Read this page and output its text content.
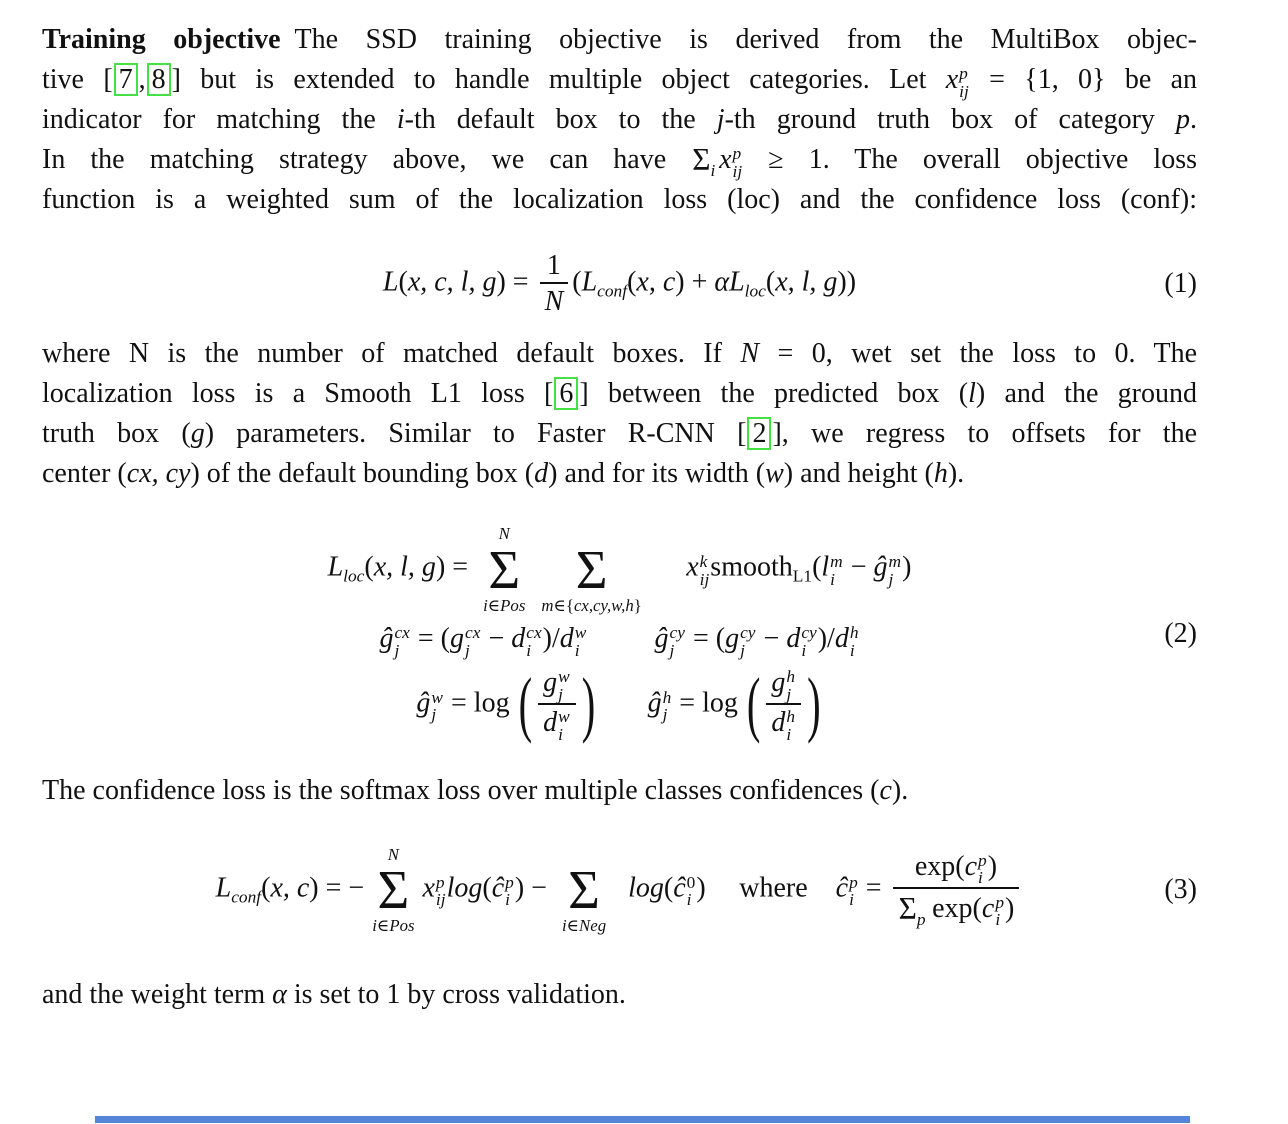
Training objective The SSD training objective is derived from the MultiBox objec-
tive [ 7 , 8 ] but is extended to handle multiple object categories. Let x p
ij = {1, 0} be an
indicator for matching the i-th default box to the j-th ground truth box of category p.
In the matching strategy above, we can have $\Sigma_i$ x p
ij ≥ 1. The overall objective loss
function is a weighted sum of the localization loss (loc) and the confidence loss (conf):
L(x, c, l, $g) = \frac{1}{N} (L_{conf}(x$, $c) + \alpha L_{loc}(x$, l, g))	(1)
where N is the number of matched default boxes. If N = 0, wet set the loss to 0. The
localization loss is a Smooth L1 loss [ 6 ] between the predicted box (l) and the ground
truth box (g) parameters. Similar to Faster R-CNN [ 2 ], we regress to offsets for the
center (cx, cy) of the default bounding box (d) and for its width (w) and height (h).
$L_{loc}(x$, l, g) =
N
Σ
i∈Pos

Σ
m∈{cx,cy,w,h}
x k
ij smooth$_{L1}$(l m
i − ĝ m
j )
ĝ cx
j = (g cx
j − d cx
i )/d w
i	ĝ cy
j = (g cy
j − d cy
i )/d h
i
ĝ w
j = log ( g w
j
d w
i ) ĝ h
j = log ( g h
j
d h
i )
(2)
The confidence loss is the softmax loss over multiple classes confidences (c).
$L_{conf}(x$, c) = −
N
Σ
i∈Pos
x p
ij log(ĉ p
i ) −
Σ
i∈Neg
log(ĉ 0
i ) where ĉ p
i =
exp(c p
i )
$\Sigma_p$ exp(c p
i )
(3)
and the weight term α is set to 1 by cross validation.
